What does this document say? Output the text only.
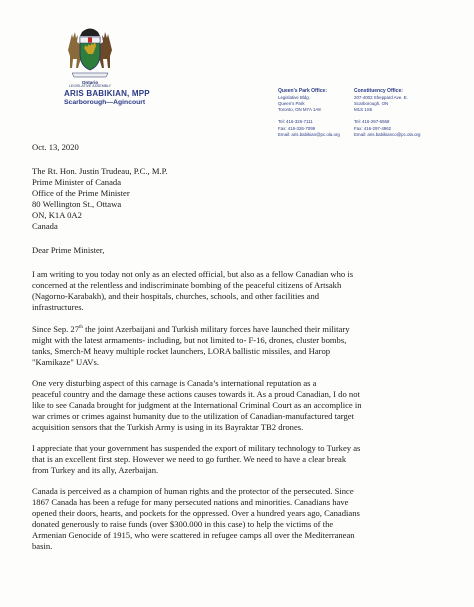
Ontario
LEGISLATIVE ASSEMBLY
ARIS BABIKIAN, MPP
Scarborough—Agincourt
Queen’s Park Office:
Legislative Bldg.
Queen’s Park
Toronto, ON M7A 1A8

Tel: 416-326-7111
Fax: 416-326-7099
Email: aris.babikian@pc.ola.org
Constituency Office:
207-4002 Sheppard Ave. E.
Scarborough, ON
M1S 1S6

Tel: 416-297-6568
Fax: 416-297-4962
Email: aris.babikianco@pc.ola.org

Oct. 13, 2020

The Rt. Hon. Justin Trudeau, P.C., M.P.
Prime Minister of Canada
Office of the Prime Minister
80 Wellington St., Ottawa
ON, K1A 0A2
Canada

Dear Prime Minister,

I am writing to you today not only as an elected official, but also as a fellow Canadian who is
concerned at the relentless and indiscriminate bombing of the peaceful citizens of Artsakh
(Nagorno-Karabakh), and their hospitals, churches, schools, and other facilities and
infrastructures.
Since Sep. 27th the joint Azerbaijani and Turkish military forces have launched their military
might with the latest armaments- including, but not limited to- F-16, drones, cluster bombs,
tanks, Smerch-M heavy multiple rocket launchers, LORA ballistic missiles, and Harop
"Kamikaze" UAVs.
One very disturbing aspect of this carnage is Canada’s international reputation as a
peaceful country and the damage these actions causes towards it. As a proud Canadian, I do not
like to see Canada brought for judgment at the International Criminal Court as an accomplice in
war crimes or crimes against humanity due to the utilization of Canadian-manufactured target
acquisition sensors that the Turkish Army is using in its Bayraktar TB2 drones.
I appreciate that your government has suspended the export of military technology to Turkey as
that is an excellent first step. However we need to go further. We need to have a clear break
from Turkey and its ally, Azerbaijan.
Canada is perceived as a champion of human rights and the protector of the persecuted. Since
1867 Canada has been a refuge for many persecuted nations and minorities. Canadians have
opened their doors, hearts, and pockets for the oppressed. Over a hundred years ago, Canadians
donated generously to raise funds (over $300.000 in this case) to help the victims of the
Armenian Genocide of 1915, who were scattered in refugee camps all over the Mediterranean
basin.
